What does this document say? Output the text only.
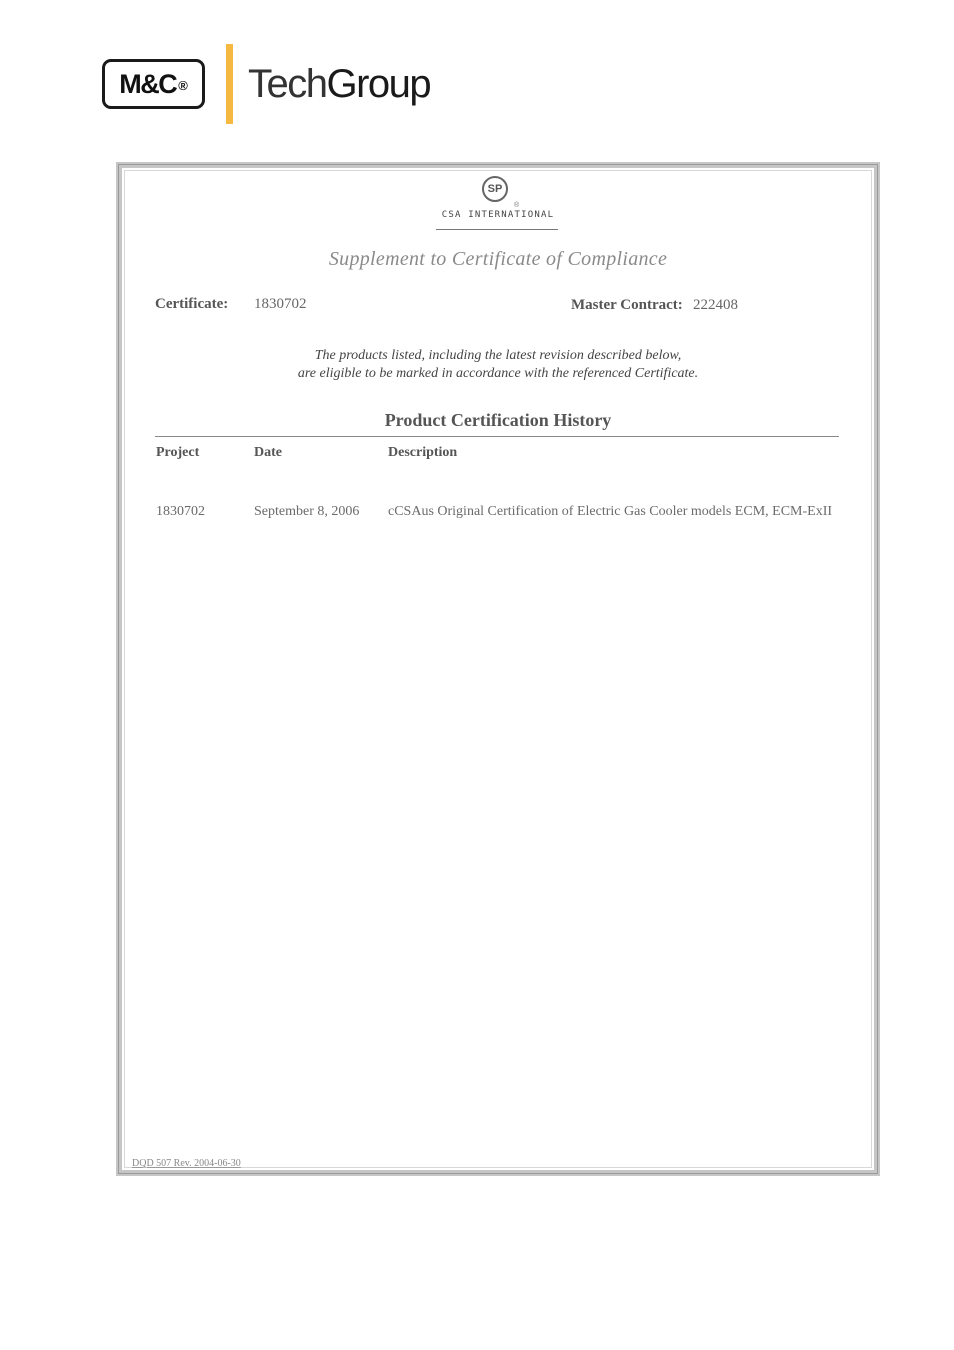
M&C ® TechGroup
SP
®
CSA INTERNATIONAL
Supplement to Certificate of Compliance
Certificate: 1830702	Master Contract: 222408
The products listed, including the latest revision described below,
are eligible to be marked in accordance with the referenced Certificate.
Product Certification History
Project	Date	Description
1830702	September 8, 2006 cCSAus Original Certification of Electric Gas Cooler models ECM, ECM-ExII
DQD 507 Rev. 2004-06-30
